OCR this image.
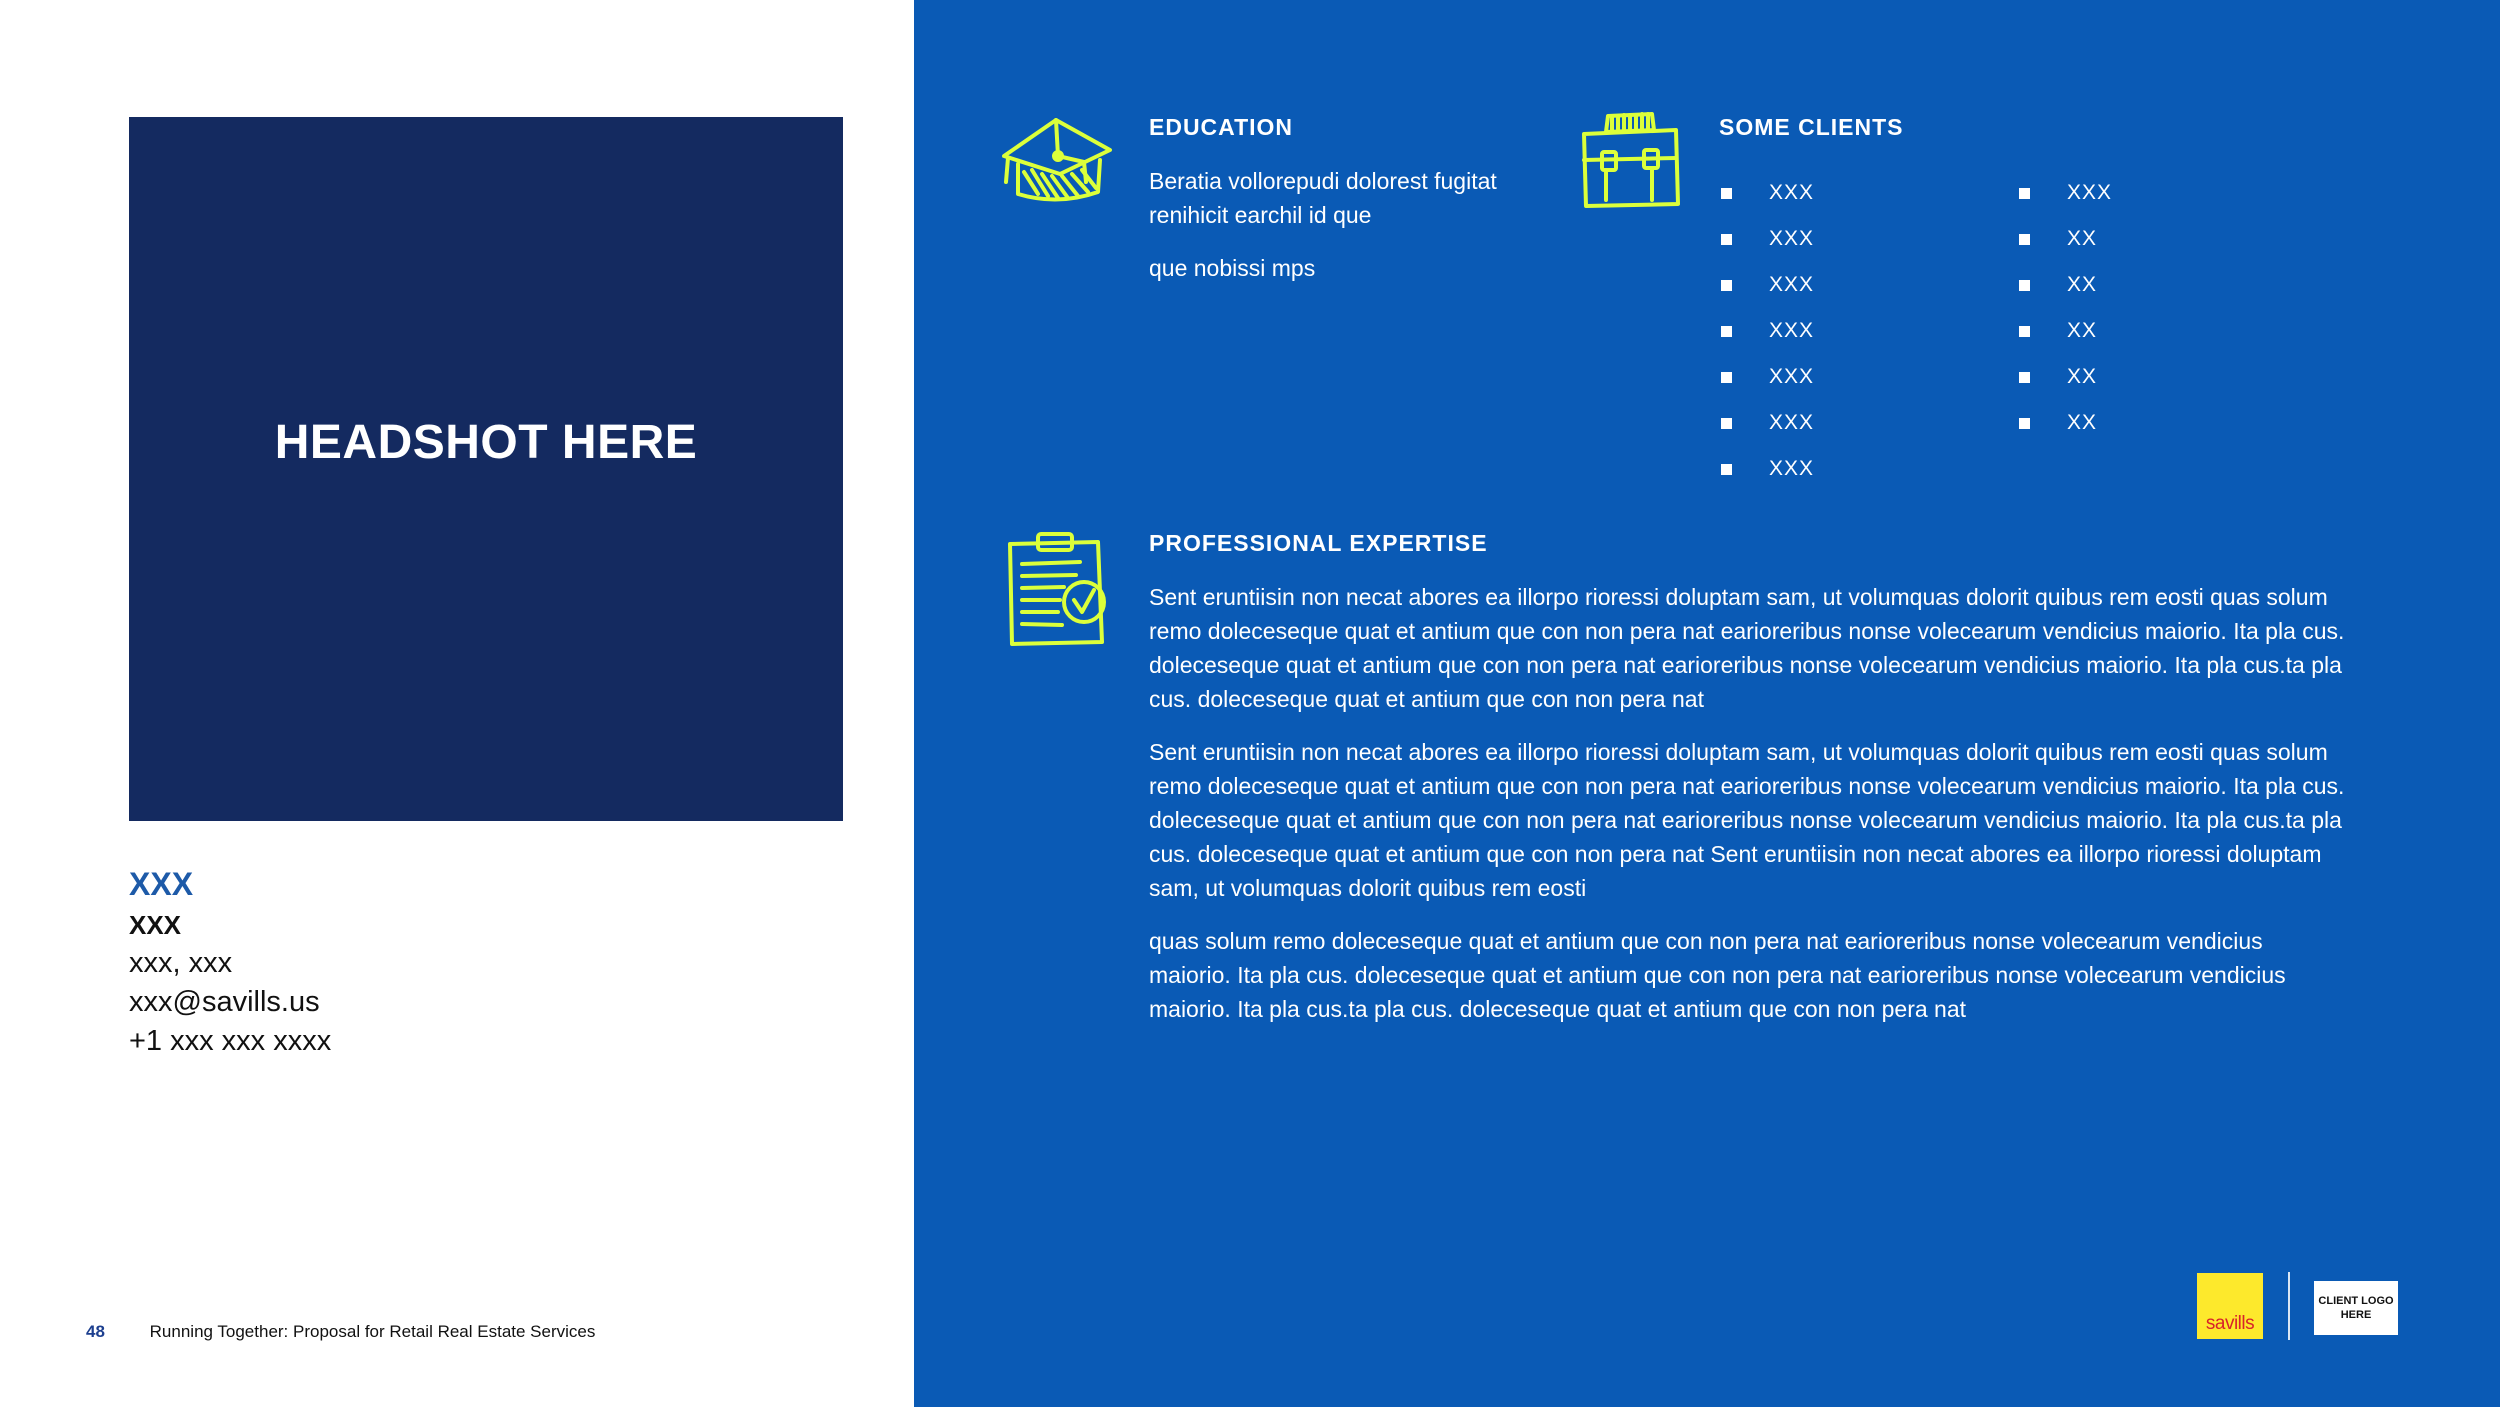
HEADSHOT HERE
XXX
XXX
xxx, xxx
xxx@savills.us
+1 xxx xxx xxxx
48	Running Together: Proposal for Retail Real Estate Services
EDUCATION

Beratia vollorepudi dolorest fugitat renihicit earchil id que

que nobissi mps

SOME CLIENTS
XXX
XXX
XXX
XXX
XXX
XXX
XXX
XXX
XX
XX
XX
XX
XX
PROFESSIONAL EXPERTISE

Sent eruntiisin non necat abores ea illorpo rioressi doluptam sam, ut volumquas dolorit quibus rem eosti quas solum remo doleceseque quat et antium que con non pera nat earioreribus nonse volecearum vendicius maiorio. Ita pla cus. doleceseque quat et antium que con non pera nat earioreribus nonse volecearum vendicius maiorio. Ita pla cus.ta pla cus. doleceseque quat et antium que con non pera nat

Sent eruntiisin non necat abores ea illorpo rioressi doluptam sam, ut volumquas dolorit quibus rem eosti quas solum remo doleceseque quat et antium que con non pera nat earioreribus nonse volecearum vendicius maiorio. Ita pla cus. doleceseque quat et antium que con non pera nat earioreribus nonse volecearum vendicius maiorio. Ita pla cus.ta pla cus. doleceseque quat et antium que con non pera nat Sent eruntiisin non necat abores ea illorpo rioressi doluptam sam, ut volumquas dolorit quibus rem eosti

quas solum remo doleceseque quat et antium que con non pera nat earioreribus nonse volecearum vendicius maiorio. Ita pla cus. doleceseque quat et antium que con non pera nat earioreribus nonse volecearum vendicius maiorio. Ita pla cus.ta pla cus. doleceseque quat et antium que con non pera nat

savills
CLIENT LOGO HERE
